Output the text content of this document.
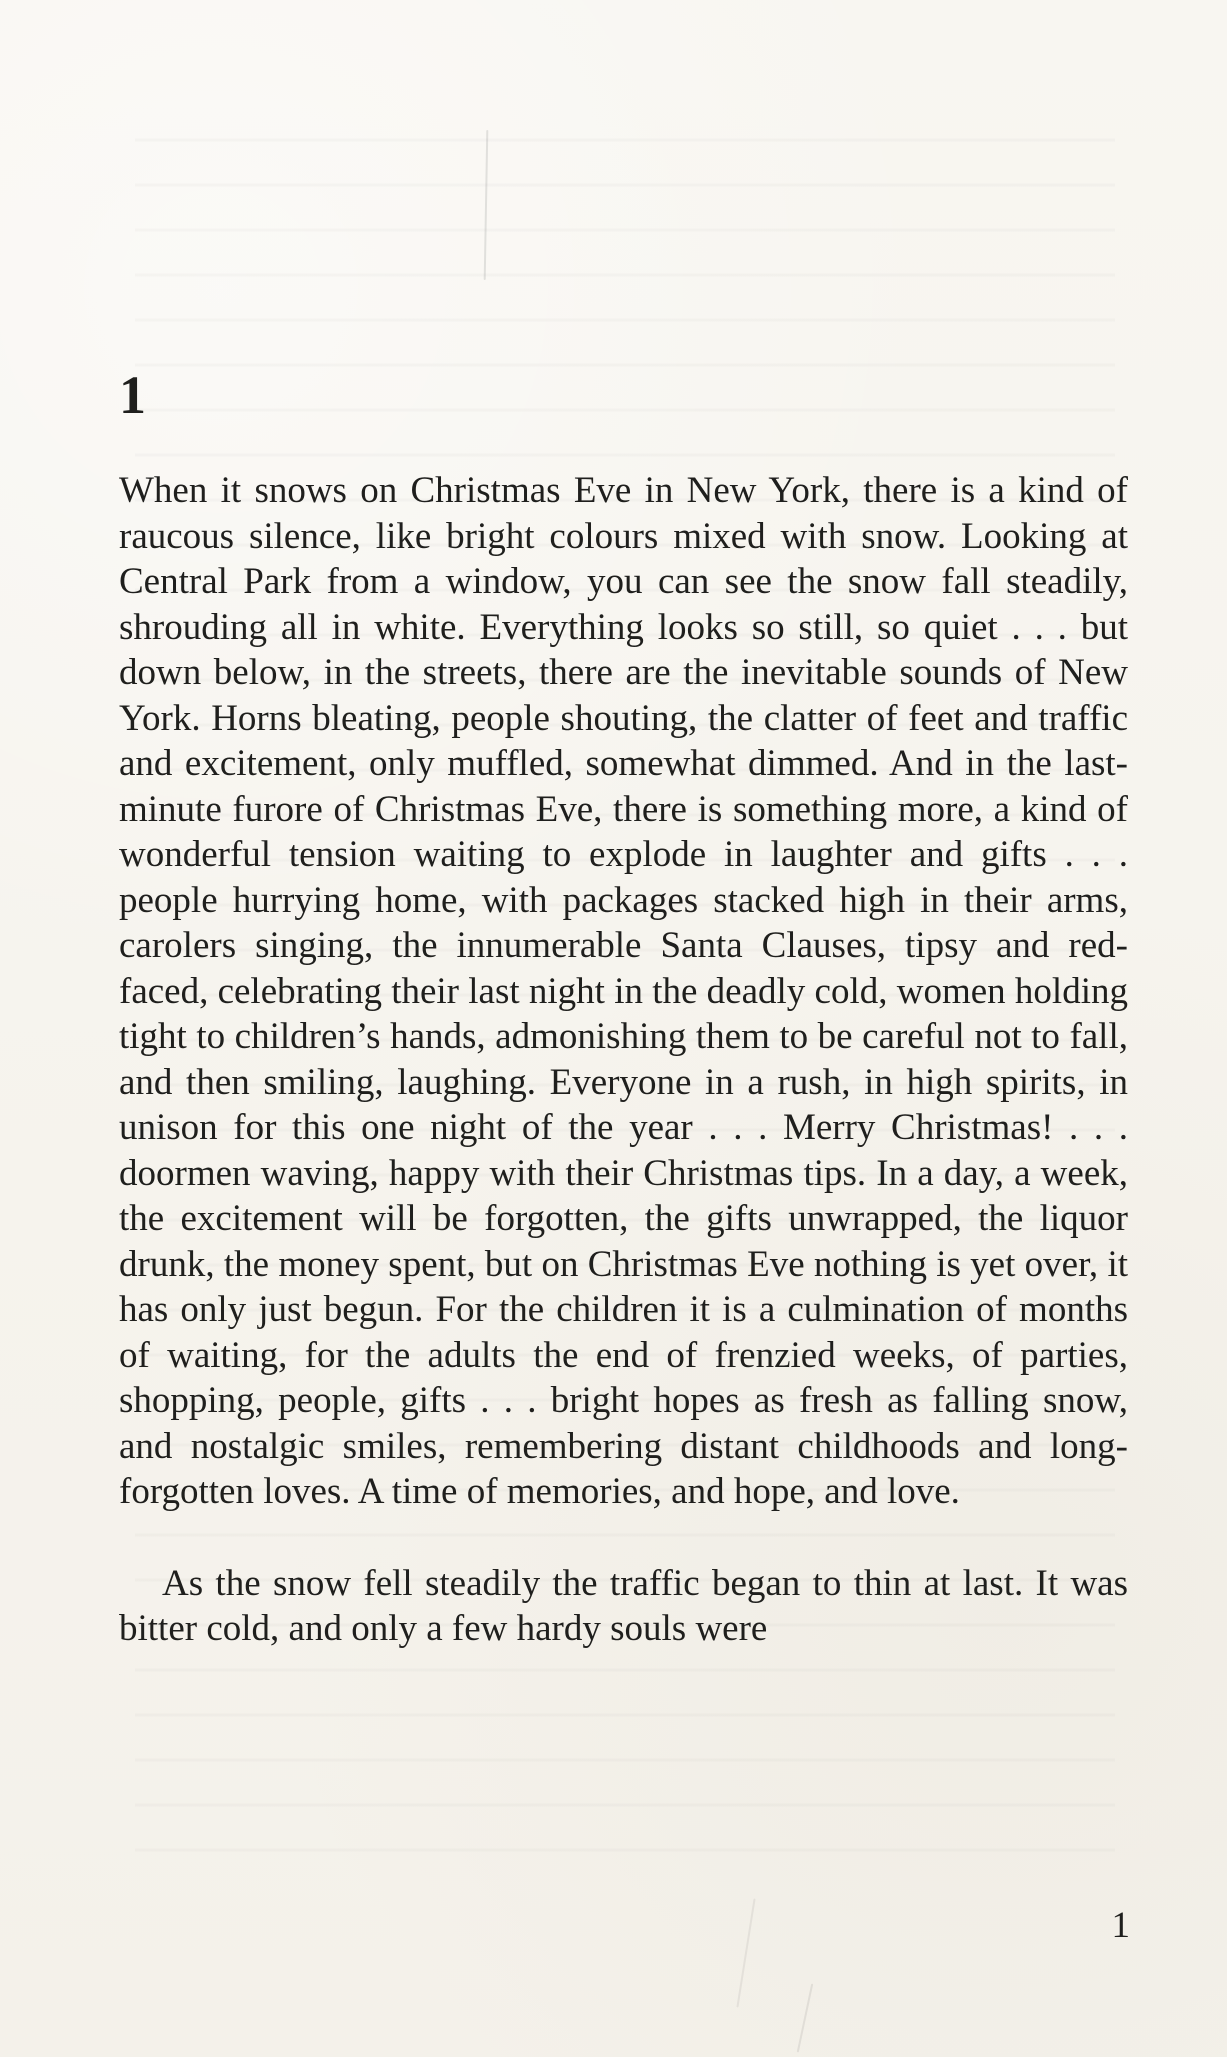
1

When it snows on Christmas Eve in New York, there is a kind of raucous silence, like bright colours mixed with snow. Looking at Central Park from a window, you can see the snow fall steadily, shrouding all in white. Everything looks so still, so quiet . . . but down below, in the streets, there are the inevitable sounds of New York. Horns bleating, people shouting, the clatter of feet and traffic and excitement, only muffled, somewhat dimmed. And in the last-minute furore of Christmas Eve, there is something more, a kind of wonderful tension waiting to explode in laughter and gifts . . . people hurrying home, with packages stacked high in their arms, carolers singing, the innumerable Santa Clauses, tipsy and red-faced, celebrating their last night in the deadly cold, women holding tight to children’s hands, admonishing them to be careful not to fall, and then smiling, laughing. Everyone in a rush, in high spirits, in unison for this one night of the year . . . Merry Christmas! . . . doormen waving, happy with their Christmas tips. In a day, a week, the excitement will be forgotten, the gifts unwrapped, the liquor drunk, the money spent, but on Christmas Eve nothing is yet over, it has only just begun. For the children it is a culmination of months of waiting, for the adults the end of frenzied weeks, of parties, shopping, people, gifts . . . bright hopes as fresh as falling snow, and nostalgic smiles, remembering distant childhoods and long-forgotten loves. A time of memories, and hope, and love.

As the snow fell steadily the traffic began to thin at last. It was bitter cold, and only a few hardy souls were

1
